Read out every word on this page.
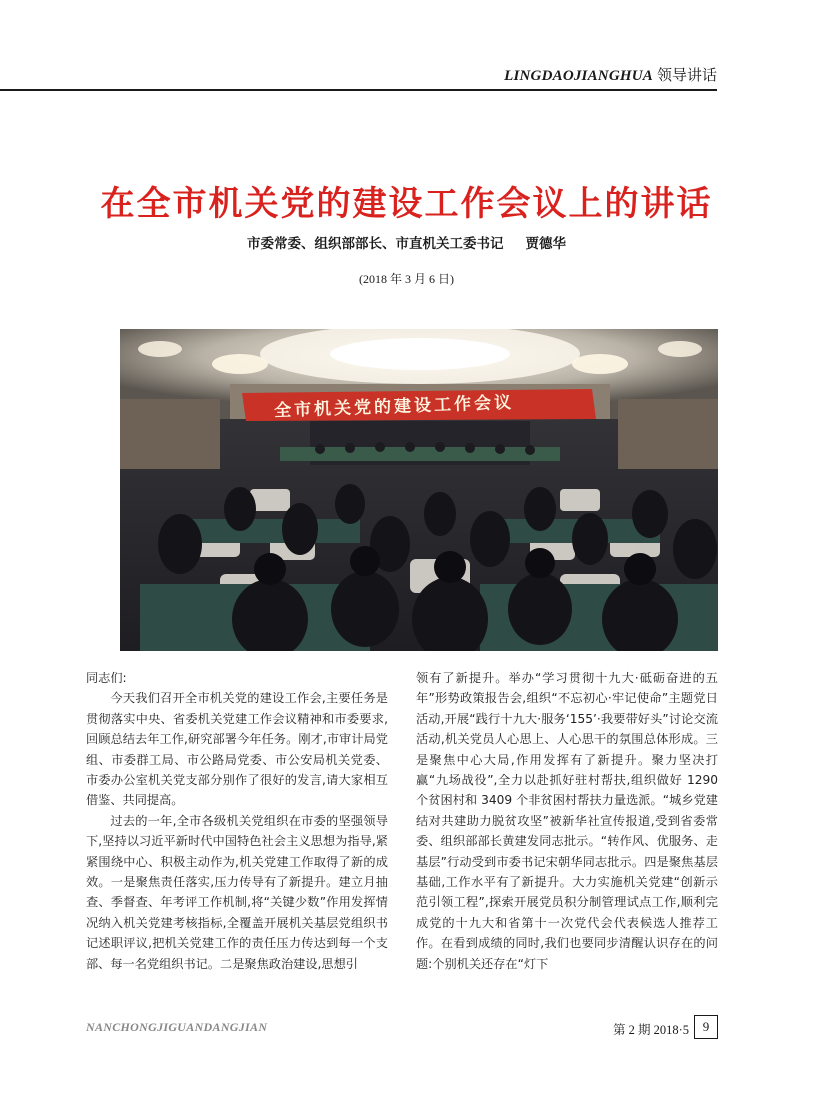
LINGDAOJIANGHUA 领导讲话
在全市机关党的建设工作会议上的讲话
市委常委、组织部部长、市直机关工委书记 贾德华
(2018 年 3 月 6 日)
全市机关党的建设工作会议

同志们:

今天我们召开全市机关党的建设工作会,主要任务是贯彻落实中央、省委机关党建工作会议精神和市委要求,回顾总结去年工作,研究部署今年任务。刚才,市审计局党组、市委群工局、市公路局党委、市公安局机关党委、市委办公室机关党支部分别作了很好的发言,请大家相互借鉴、共同提高。

过去的一年,全市各级机关党组织在市委的坚强领导下,坚持以习近平新时代中国特色社会主义思想为指导,紧紧围绕中心、积极主动作为,机关党建工作取得了新的成效。一是聚焦责任落实,压力传导有了新提升。建立月抽查、季督查、年考评工作机制,将“关键少数”作用发挥情况纳入机关党建考核指标,全覆盖开展机关基层党组织书记述职评议,把机关党建工作的责任压力传达到每一个支部、每一名党组织书记。二是聚焦政治建设,思想引

领有了新提升。举办“学习贯彻十九大·砥砺奋进的五年”形势政策报告会,组织“不忘初心·牢记使命”主题党日活动,开展“践行十九大·服务‘155’·我要带好头”讨论交流活动,机关党员人心思上、人心思干的氛围总体形成。三是聚焦中心大局,作用发挥有了新提升。聚力坚决打赢“九场战役”,全力以赴抓好驻村帮扶,组织做好 1290 个贫困村和 3409 个非贫困村帮扶力量选派。“城乡党建结对共建助力脱贫攻坚”被新华社宣传报道,受到省委常委、组织部部长黄建发同志批示。“转作风、优服务、走基层”行动受到市委书记宋朝华同志批示。四是聚焦基层基础,工作水平有了新提升。大力实施机关党建“创新示范引领工程”,探索开展党员积分制管理试点工作,顺利完成党的十九大和省第十一次党代会代表候选人推荐工作。在看到成绩的同时,我们也要同步清醒认识存在的问题:个别机关还存在“灯下

NANCHONGJIGUANDANGJIAN	第 2 期 2018·5	9
